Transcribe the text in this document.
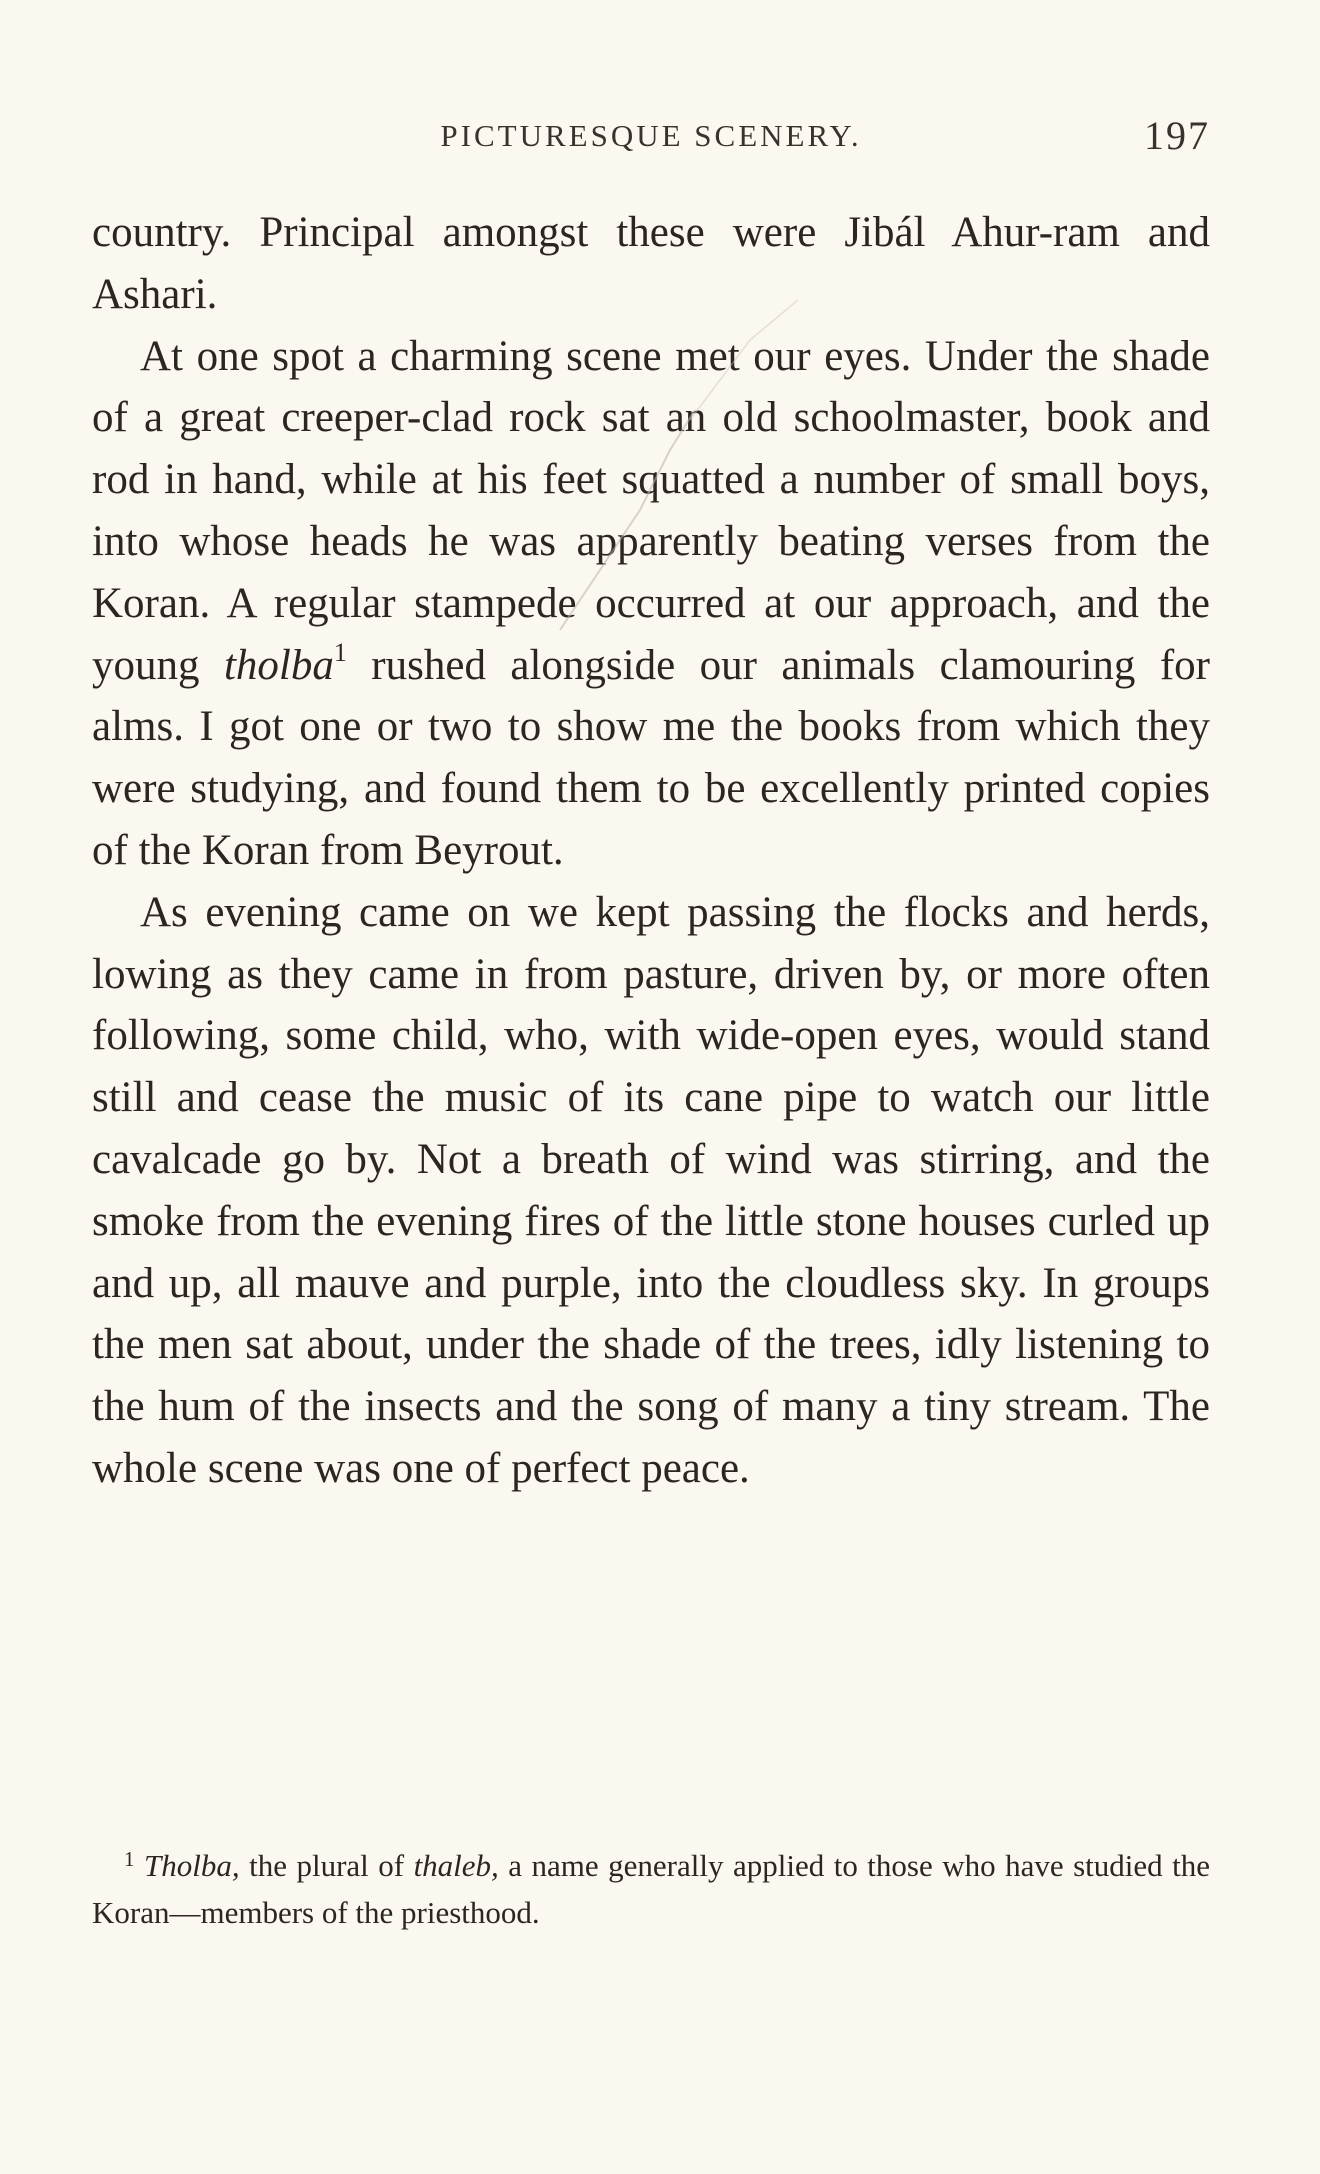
PICTURESQUE SCENERY.	197

country. Principal amongst these were Jibál Ahur-ram and Ashari.

At one spot a charming scene met our eyes. Under the shade of a great creeper-clad rock sat an old schoolmaster, book and rod in hand, while at his feet squatted a number of small boys, into whose heads he was apparently beating verses from the Koran. A regular stampede occurred at our approach, and the young tholba$^1$ rushed alongside our animals clamouring for alms. I got one or two to show me the books from which they were studying, and found them to be excellently printed copies of the Koran from Beyrout.

As evening came on we kept passing the flocks and herds, lowing as they came in from pasture, driven by, or more often following, some child, who, with wide-open eyes, would stand still and cease the music of its cane pipe to watch our little cavalcade go by. Not a breath of wind was stirring, and the smoke from the evening fires of the little stone houses curled up and up, all mauve and purple, into the cloudless sky. In groups the men sat about, under the shade of the trees, idly listening to the hum of the insects and the song of many a tiny stream. The whole scene was one of perfect peace.

$^1$ Tholba, the plural of thaleb, a name generally applied to those who have studied the Koran—members of the priesthood.
